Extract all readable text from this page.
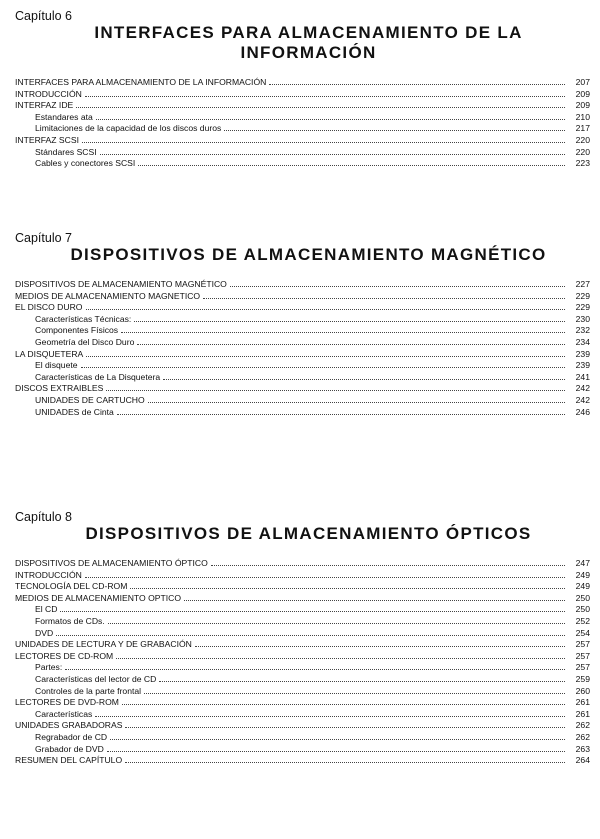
Capítulo 6

INTERFACES PARA ALMACENAMIENTO DE LA INFORMACIÓN
INTERFACES PARA ALMACENAMIENTO DE LA INFORMACIÓN	207
INTRODUCCIÓN	209
INTERFAZ IDE	209
Estandares ata	210
Limitaciones de la capacidad de los discos duros	217
INTERFAZ SCSI	220
Stándares SCSI	220
Cables y conectores SCSI	223

Capítulo 7

DISPOSITIVOS DE ALMACENAMIENTO MAGNÉTICO
DISPOSITIVOS DE ALMACENAMIENTO MAGNÉTICO	227
MEDIOS DE ALMACENAMIENTO MAGNETICO	229
EL DISCO DURO	229
Características Técnicas:	230
Componentes Físicos	232
Geometría del Disco Duro	234
LA DISQUETERA	239
El disquete	239
Características de La Disquetera	241
DISCOS EXTRAIBLES	242
UNIDADES DE CARTUCHO	242
UNIDADES de Cinta	246

Capítulo 8

DISPOSITIVOS DE ALMACENAMIENTO ÓPTICOS
DISPOSITIVOS DE ALMACENAMIENTO ÓPTICO	247
INTRODUCCIÓN	249
TECNOLOGÍA DEL CD-ROM	249
MEDIOS DE ALMACENAMIENTO OPTICO	250
El CD	250
Formatos de CDs.	252
DVD	254
UNIDADES DE LECTURA Y DE GRABACIÓN	257
LECTORES DE CD-ROM	257
Partes:	257
Características del lector de CD	259
Controles de la parte frontal	260
LECTORES DE DVD-ROM	261
Características	261
UNIDADES GRABADORAS	262
Regrabador de CD	262
Grabador de DVD	263
RESUMEN DEL CAPÍTULO	264
